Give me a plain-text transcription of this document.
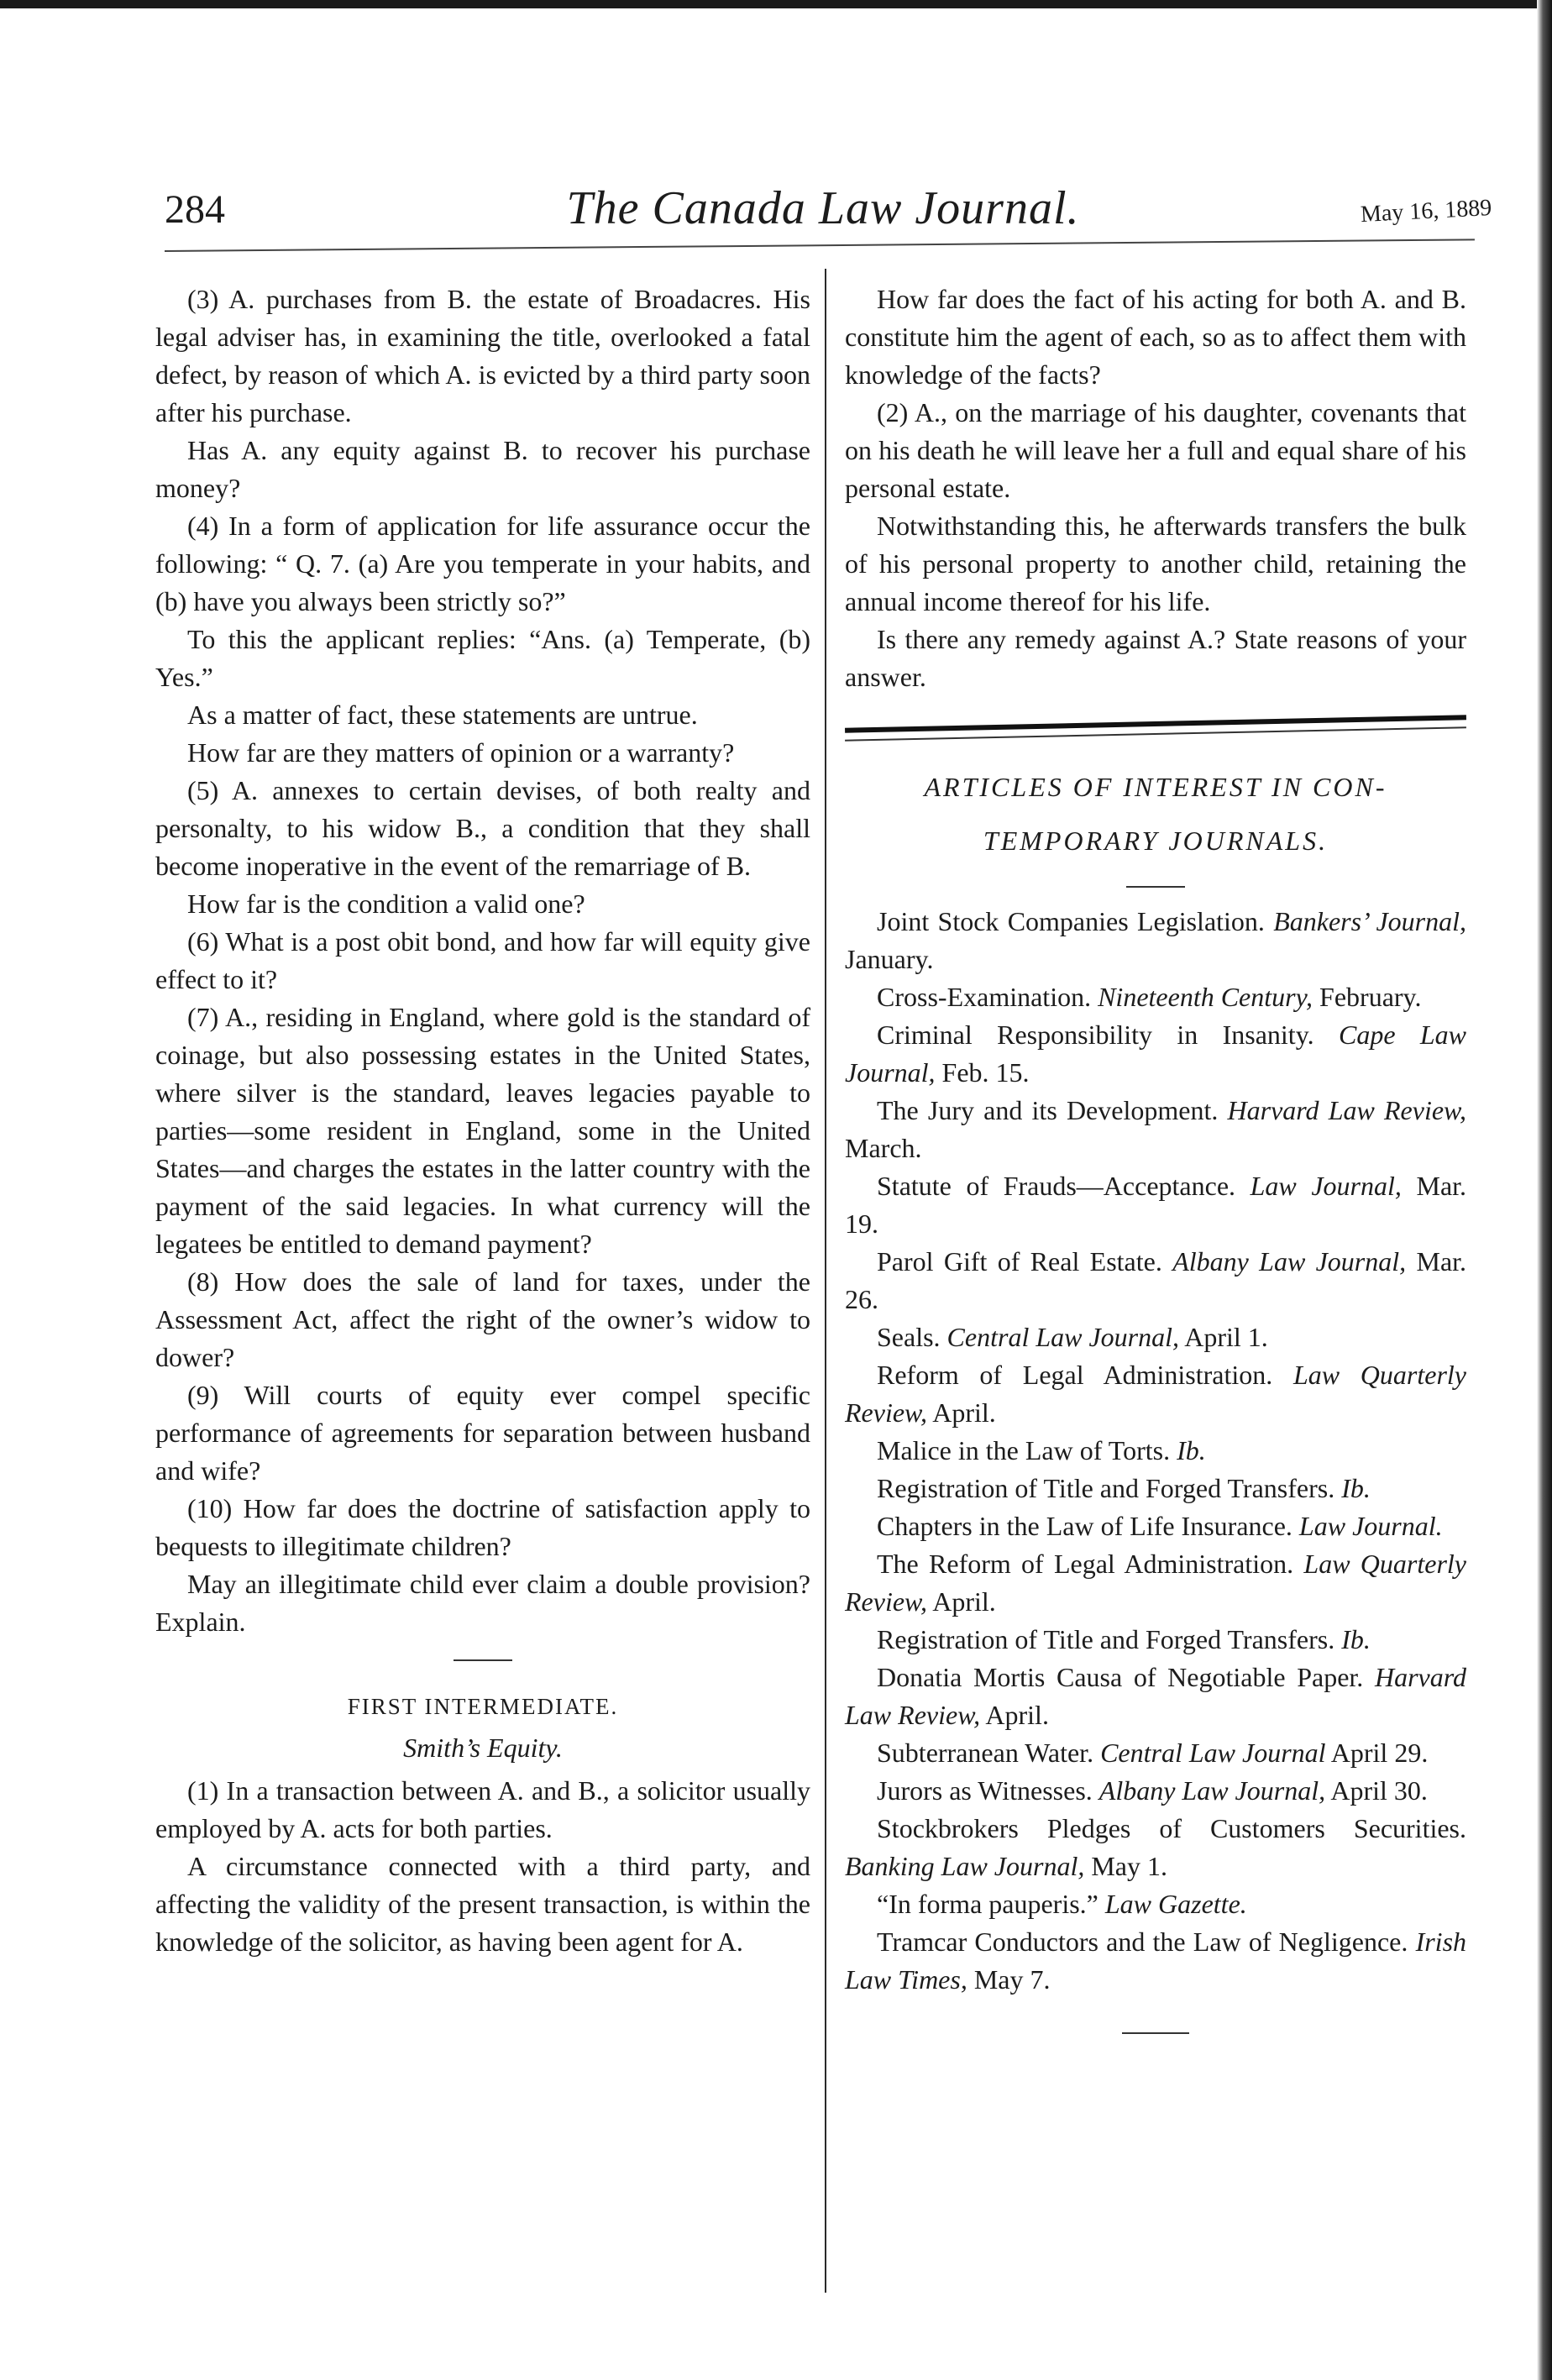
284	The Canada Law Journal.	May 16, 1889

(3) A. purchases from B. the estate of Broadacres. His legal adviser has, in examining the title, overlooked a fatal defect, by reason of which A. is evicted by a third party soon after his purchase.

Has A. any equity against B. to recover his purchase money?

(4) In a form of application for life assurance occur the following: “ Q. 7. (a) Are you temperate in your habits, and (b) have you always been strictly so?”

To this the applicant replies: “Ans. (a) Temperate, (b) Yes.”

As a matter of fact, these statements are untrue.

How far are they matters of opinion or a warranty?

(5) A. annexes to certain devises, of both realty and personalty, to his widow B., a condition that they shall become inoperative in the event of the remarriage of B.

How far is the condition a valid one?

(6) What is a post obit bond, and how far will equity give effect to it?

(7) A., residing in England, where gold is the standard of coinage, but also possessing estates in the United States, where silver is the standard, leaves legacies payable to parties—some resident in England, some in the United States—and charges the estates in the latter country with the payment of the said legacies. In what currency will the legatees be entitled to demand payment?

(8) How does the sale of land for taxes, under the Assessment Act, affect the right of the owner’s widow to dower?

(9) Will courts of equity ever compel specific performance of agreements for separation between husband and wife?

(10) How far does the doctrine of satisfaction apply to bequests to illegitimate children?

May an illegitimate child ever claim a double provision? Explain.

FIRST INTERMEDIATE.
Smith’s Equity.

(1) In a transaction between A. and B., a solicitor usually employed by A. acts for both parties.

A circumstance connected with a third party, and affecting the validity of the present transaction, is within the knowledge of the solicitor, as having been agent for A.

How far does the fact of his acting for both A. and B. constitute him the agent of each, so as to affect them with knowledge of the facts?

(2) A., on the marriage of his daughter, covenants that on his death he will leave her a full and equal share of his personal estate.

Notwithstanding this, he afterwards transfers the bulk of his personal property to another child, retaining the annual income thereof for his life.

Is there any remedy against A.? State reasons of your answer.

ARTICLES OF INTEREST IN CON-
TEMPORARY JOURNALS.

Joint Stock Companies Legislation. Bankers’ Journal, January.

Cross-Examination. Nineteenth Century, February.

Criminal Responsibility in Insanity. Cape Law Journal, Feb. 15.

The Jury and its Development. Harvard Law Review, March.

Statute of Frauds—Acceptance. Law Journal, Mar. 19.

Parol Gift of Real Estate. Albany Law Journal, Mar. 26.

Seals. Central Law Journal, April 1.

Reform of Legal Administration. Law Quarterly Review, April.

Malice in the Law of Torts. Ib.

Registration of Title and Forged Transfers. Ib.

Chapters in the Law of Life Insurance. Law Journal.

The Reform of Legal Administration. Law Quarterly Review, April.

Registration of Title and Forged Transfers. Ib.

Donatia Mortis Causa of Negotiable Paper. Harvard Law Review, April.

Subterranean Water. Central Law Journal April 29.

Jurors as Witnesses. Albany Law Journal, April 30.

Stockbrokers Pledges of Customers Securities. Banking Law Journal, May 1.

“In forma pauperis.” Law Gazette.

Tramcar Conductors and the Law of Negligence. Irish Law Times, May 7.
